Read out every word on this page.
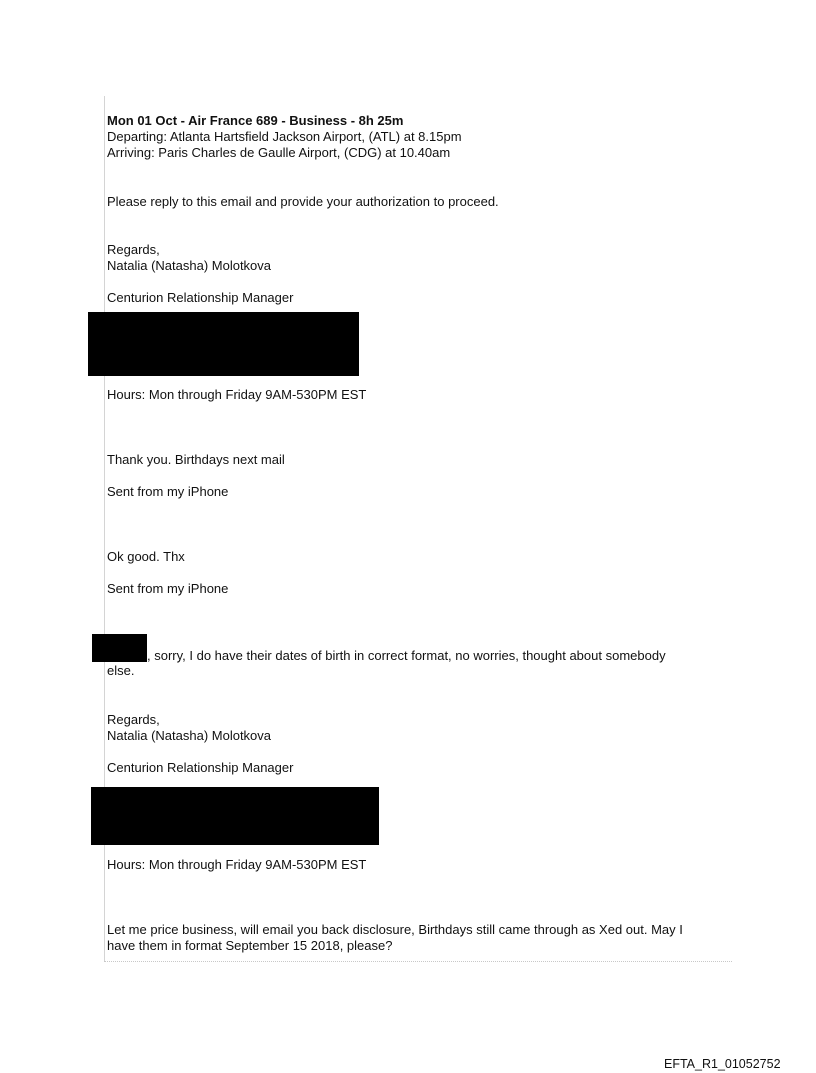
Mon 01 Oct - Air France 689 - Business - 8h 25m
Departing: Atlanta Hartsfield Jackson Airport, (ATL) at 8.15pm
Arriving: Paris Charles de Gaulle Airport, (CDG) at 10.40am
Please reply to this email and provide your authorization to proceed.
Regards,
Natalia (Natasha) Molotkova
Centurion Relationship Manager
Hours: Mon through Friday 9AM-530PM EST
Thank you. Birthdays next mail
Sent from my iPhone
Ok good. Thx
Sent from my iPhone
, sorry, I do have their dates of birth in correct format, no worries, thought about somebody
else.
Regards,
Natalia (Natasha) Molotkova
Centurion Relationship Manager
Hours: Mon through Friday 9AM-530PM EST
Let me price business, will email you back disclosure, Birthdays still came through as Xed out. May I
have them in format September 15 2018, please?
EFTA_R1_01052752
